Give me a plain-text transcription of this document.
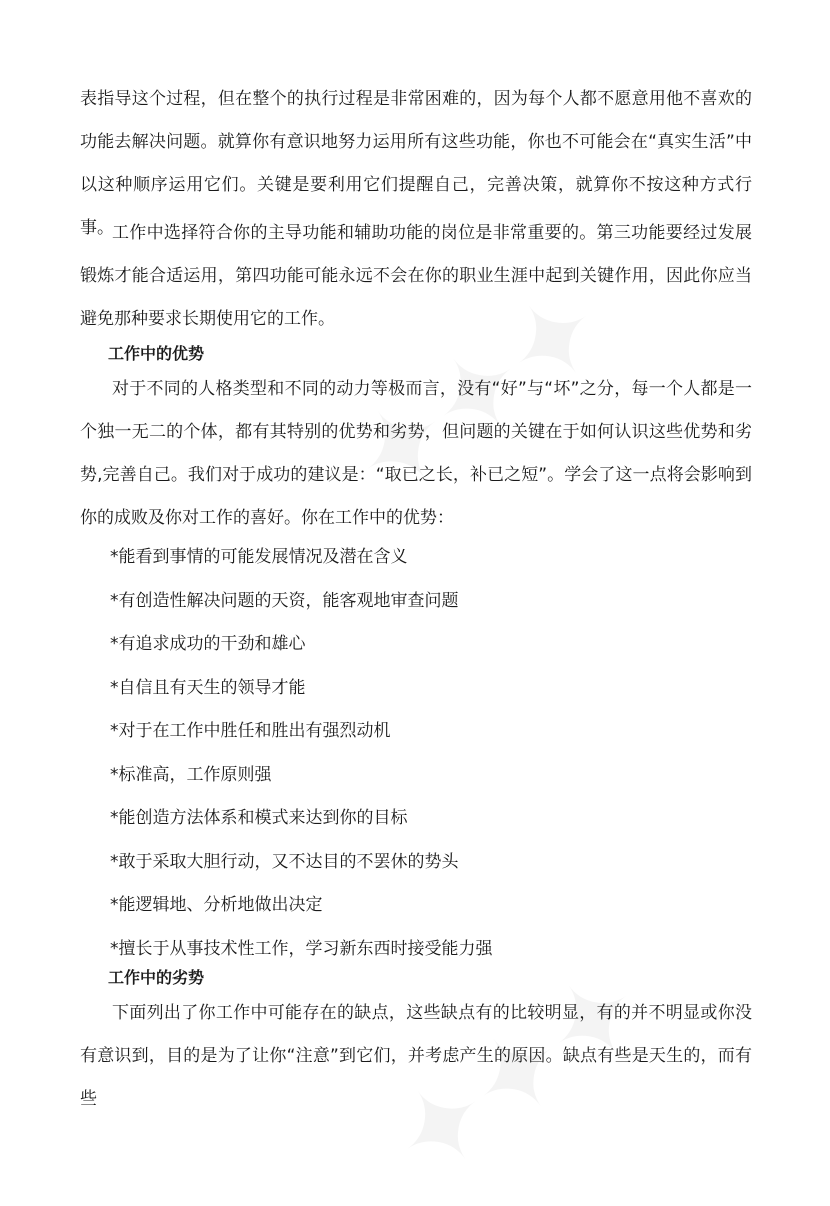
表指导这个过程，但在整个的执行过程是非常困难的，因为每个人都不愿意用他不喜欢的功能去解决问题。就算你有意识地努力运用所有这些功能，你也不可能会在“真实生活”中以这种顺序运用它们。关键是要利用它们提醒自己，完善决策，就算你不按这种方式行事。

工作中选择符合你的主导功能和辅助功能的岗位是非常重要的。第三功能要经过发展锻炼才能合适运用，第四功能可能永远不会在你的职业生涯中起到关键作用，因此你应当避免那种要求长期使用它的工作。

工作中的优势

对于不同的人格类型和不同的动力等极而言，没有“好”与“坏”之分，每一个人都是一个独一无二的个体，都有其特别的优势和劣势，但问题的关键在于如何认识这些优势和劣势,完善自己。我们对于成功的建议是：“取已之长，补已之短”。学会了这一点将会影响到你的成败及你对工作的喜好。你在工作中的优势：

*能看到事情的可能发展情况及潜在含义

*有创造性解决问题的天资，能客观地审查问题

*有追求成功的干劲和雄心

*自信且有天生的领导才能

*对于在工作中胜任和胜出有强烈动机

*标准高，工作原则强

*能创造方法体系和模式来达到你的目标

*敢于采取大胆行动，又不达目的不罢休的势头

*能逻辑地、分析地做出决定

*擅长于从事技术性工作，学习新东西时接受能力强

工作中的劣势

下面列出了你工作中可能存在的缺点，这些缺点有的比较明显，有的并不明显或你没有意识到，目的是为了让你“注意”到它们，并考虑产生的原因。缺点有些是天生的，而有些
